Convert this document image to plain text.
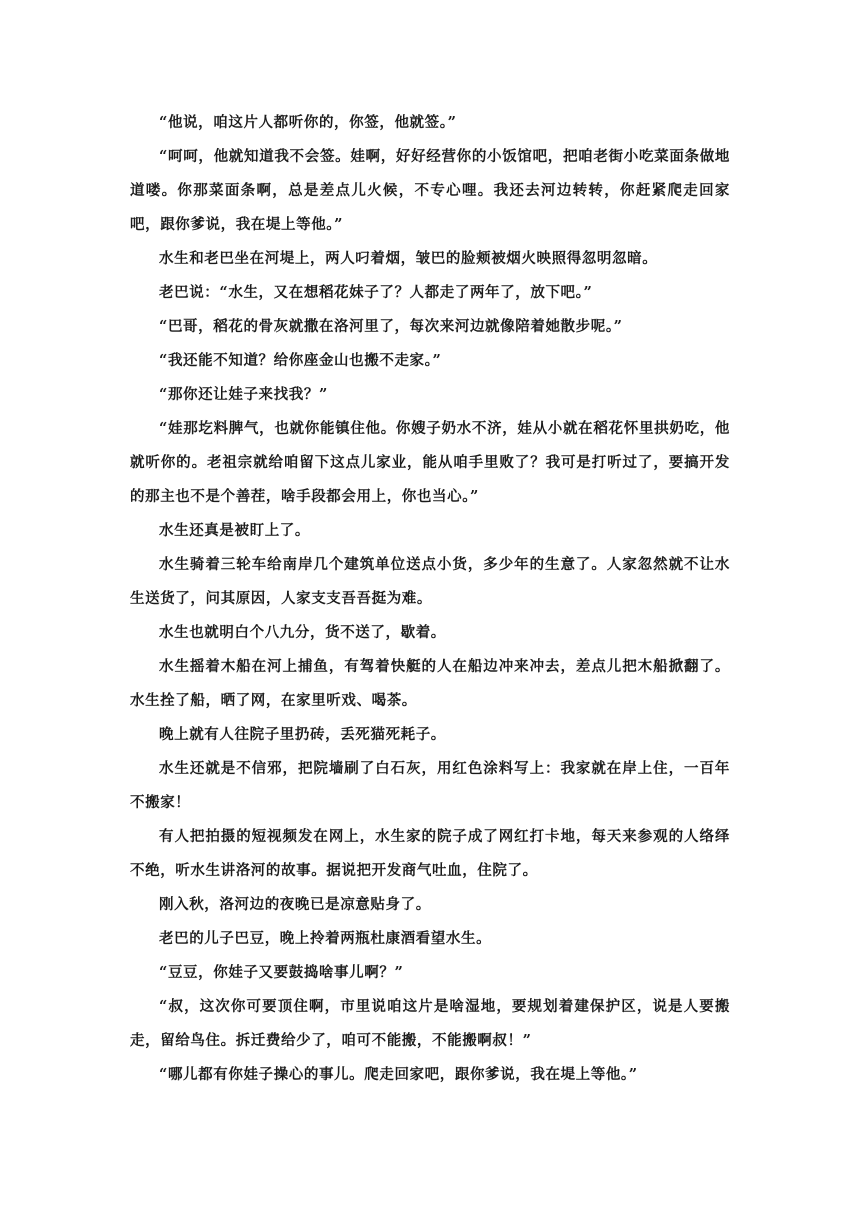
“他说，咱这片人都听你的，你签，他就签。”

“呵呵，他就知道我不会签。娃啊，好好经营你的小饭馆吧，把咱老街小吃菜面条做地道喽。你那菜面条啊，总是差点儿火候，不专心哩。我还去河边转转，你赶紧爬走回家吧，跟你爹说，我在堤上等他。”

水生和老巴坐在河堤上，两人叼着烟，皱巴的脸颊被烟火映照得忽明忽暗。

老巴说：“水生，又在想稻花妹子了？人都走了两年了，放下吧。”

“巴哥，稻花的骨灰就撒在洛河里了，每次来河边就像陪着她散步呢。”

“我还能不知道？给你座金山也搬不走家。”

“那你还让娃子来找我？”

“娃那圪料脾气，也就你能镇住他。你嫂子奶水不济，娃从小就在稻花怀里拱奶吃，他就听你的。老祖宗就给咱留下这点儿家业，能从咱手里败了？我可是打听过了，要搞开发的那主也不是个善茬，啥手段都会用上，你也当心。”

水生还真是被盯上了。

水生骑着三轮车给南岸几个建筑单位送点小货，多少年的生意了。人家忽然就不让水生送货了，问其原因，人家支支吾吾挺为难。

水生也就明白个八九分，货不送了，歇着。

水生摇着木船在河上捕鱼，有驾着快艇的人在船边冲来冲去，差点儿把木船掀翻了。水生拴了船，晒了网，在家里听戏、喝茶。

晚上就有人往院子里扔砖，丢死猫死耗子。

水生还就是不信邪，把院墙刷了白石灰，用红色涂料写上：我家就在岸上住，一百年不搬家！

有人把拍摄的短视频发在网上，水生家的院子成了网红打卡地，每天来参观的人络绎不绝，听水生讲洛河的故事。据说把开发商气吐血，住院了。

刚入秋，洛河边的夜晚已是凉意贴身了。

老巴的儿子巴豆，晚上拎着两瓶杜康酒看望水生。

“豆豆，你娃子又要鼓捣啥事儿啊？”

“叔，这次你可要顶住啊，市里说咱这片是啥湿地，要规划着建保护区，说是人要搬走，留给鸟住。拆迁费给少了，咱可不能搬，不能搬啊叔！”

“哪儿都有你娃子操心的事儿。爬走回家吧，跟你爹说，我在堤上等他。”
